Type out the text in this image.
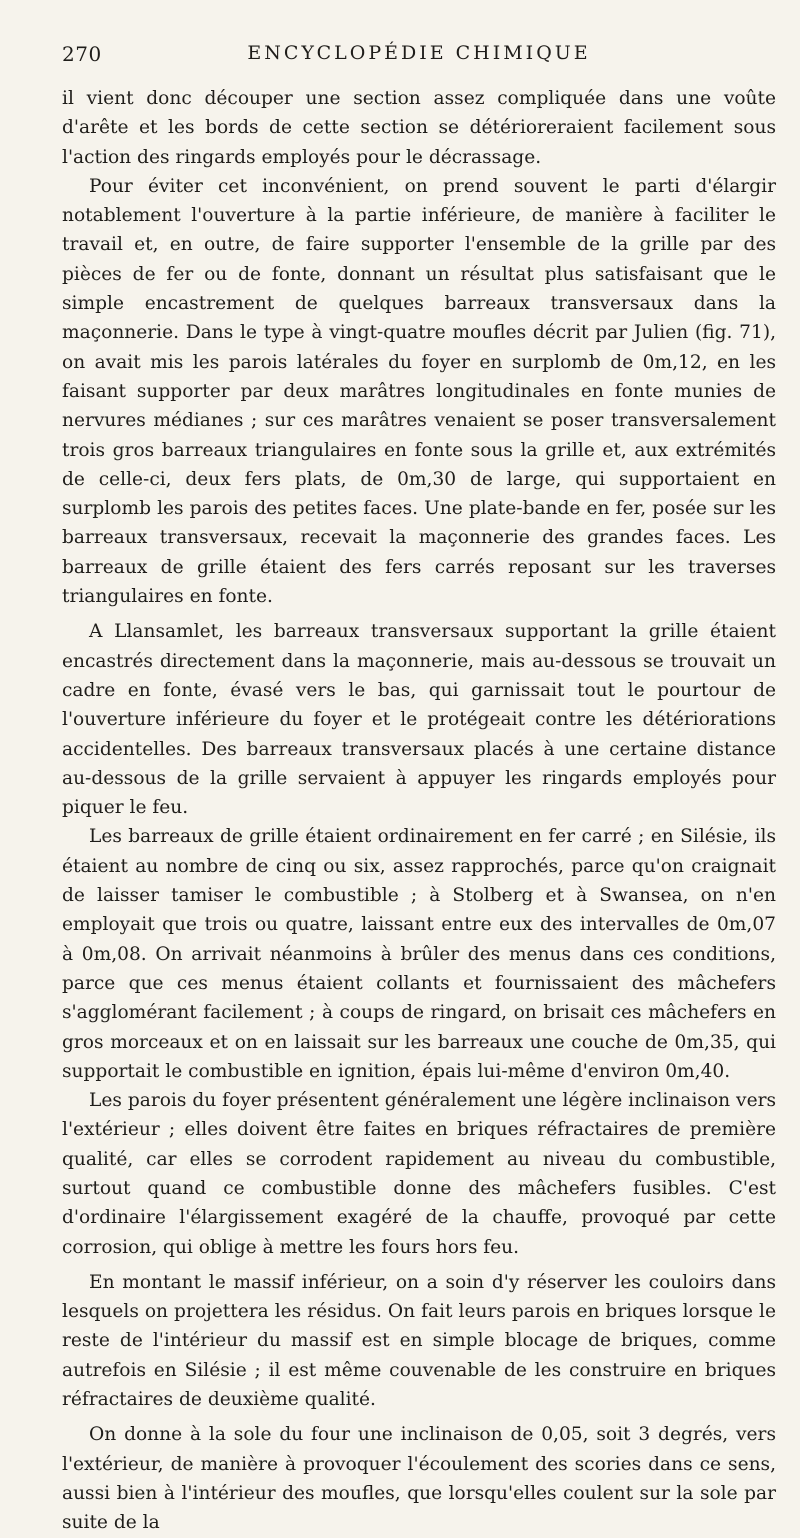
270	ENCYCLOPÉDIE CHIMIQUE

il vient donc découper une section assez compliquée dans une voûte d'arête et les bords de cette section se détérioreraient facilement sous l'action des ringards employés pour le décrassage.

Pour éviter cet inconvénient, on prend souvent le parti d'élargir notablement l'ouverture à la partie inférieure, de manière à faciliter le travail et, en outre, de faire supporter l'ensemble de la grille par des pièces de fer ou de fonte, donnant un résultat plus satisfaisant que le simple encastrement de quelques barreaux transversaux dans la maçonnerie. Dans le type à vingt-quatre moufles décrit par Julien (fig. 71), on avait mis les parois latérales du foyer en surplomb de 0m,12, en les faisant supporter par deux marâtres longitudinales en fonte munies de nervures médianes ; sur ces marâtres venaient se poser transversalement trois gros barreaux triangulaires en fonte sous la grille et, aux extrémités de celle-ci, deux fers plats, de 0m,30 de large, qui supportaient en surplomb les parois des petites faces. Une plate-bande en fer, posée sur les barreaux transversaux, recevait la maçonnerie des grandes faces. Les barreaux de grille étaient des fers carrés reposant sur les traverses triangulaires en fonte.

A Llansamlet, les barreaux transversaux supportant la grille étaient encastrés directement dans la maçonnerie, mais au-dessous se trouvait un cadre en fonte, évasé vers le bas, qui garnissait tout le pourtour de l'ouverture inférieure du foyer et le protégeait contre les détériorations accidentelles. Des barreaux transversaux placés à une certaine distance au-dessous de la grille servaient à appuyer les ringards employés pour piquer le feu.

Les barreaux de grille étaient ordinairement en fer carré ; en Silésie, ils étaient au nombre de cinq ou six, assez rapprochés, parce qu'on craignait de laisser tamiser le combustible ; à Stolberg et à Swansea, on n'en employait que trois ou quatre, laissant entre eux des intervalles de 0m,07 à 0m,08. On arrivait néanmoins à brûler des menus dans ces conditions, parce que ces menus étaient collants et fournissaient des mâchefers s'agglomérant facilement ; à coups de ringard, on brisait ces mâchefers en gros morceaux et on en laissait sur les barreaux une couche de 0m,35, qui supportait le combustible en ignition, épais lui-même d'environ 0m,40.

Les parois du foyer présentent généralement une légère inclinaison vers l'extérieur ; elles doivent être faites en briques réfractaires de première qualité, car elles se corrodent rapidement au niveau du combustible, surtout quand ce combustible donne des mâchefers fusibles. C'est d'ordinaire l'élargissement exagéré de la chauffe, provoqué par cette corrosion, qui oblige à mettre les fours hors feu.

En montant le massif inférieur, on a soin d'y réserver les couloirs dans lesquels on projettera les résidus. On fait leurs parois en briques lorsque le reste de l'intérieur du massif est en simple blocage de briques, comme autrefois en Silésie ; il est même couvenable de les construire en briques réfractaires de deuxième qualité.

On donne à la sole du four une inclinaison de 0,05, soit 3 degrés, vers l'extérieur, de manière à provoquer l'écoulement des scories dans ce sens, aussi bien à l'intérieur des moufles, que lorsqu'elles coulent sur la sole par suite de la
